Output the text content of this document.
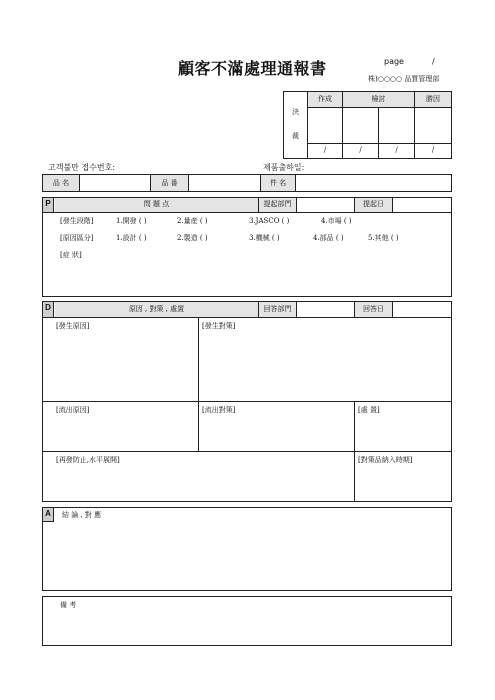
顧客不滿處理通報書	page	/
株)○○○○ 品質管理部
決
裁
作成	檢討	勝因
/	/	/	/
고객불만 접수번호:	제품출하일:
品 名	品 番	件 名
P	問 題 点	提起部門	提起日
[發生段階]	1.開發 ( )	2.量産 ( )	3.JASCO ( )	4.市場 ( )
[原因區分]	1.設計 ( )	2.製造 ( )	3.機械 ( )	4.部品 ( )	5.其他 ( )
[症 狀]
D	原因 , 對策 , 處置	回答部門	回答日
[發生原因]	[發生對策]
[流出原因]	[流出對策]	[處 置]
[再發防止,水平展開]	[對策品納入時期]
A	結 論 , 對 應
備 考
